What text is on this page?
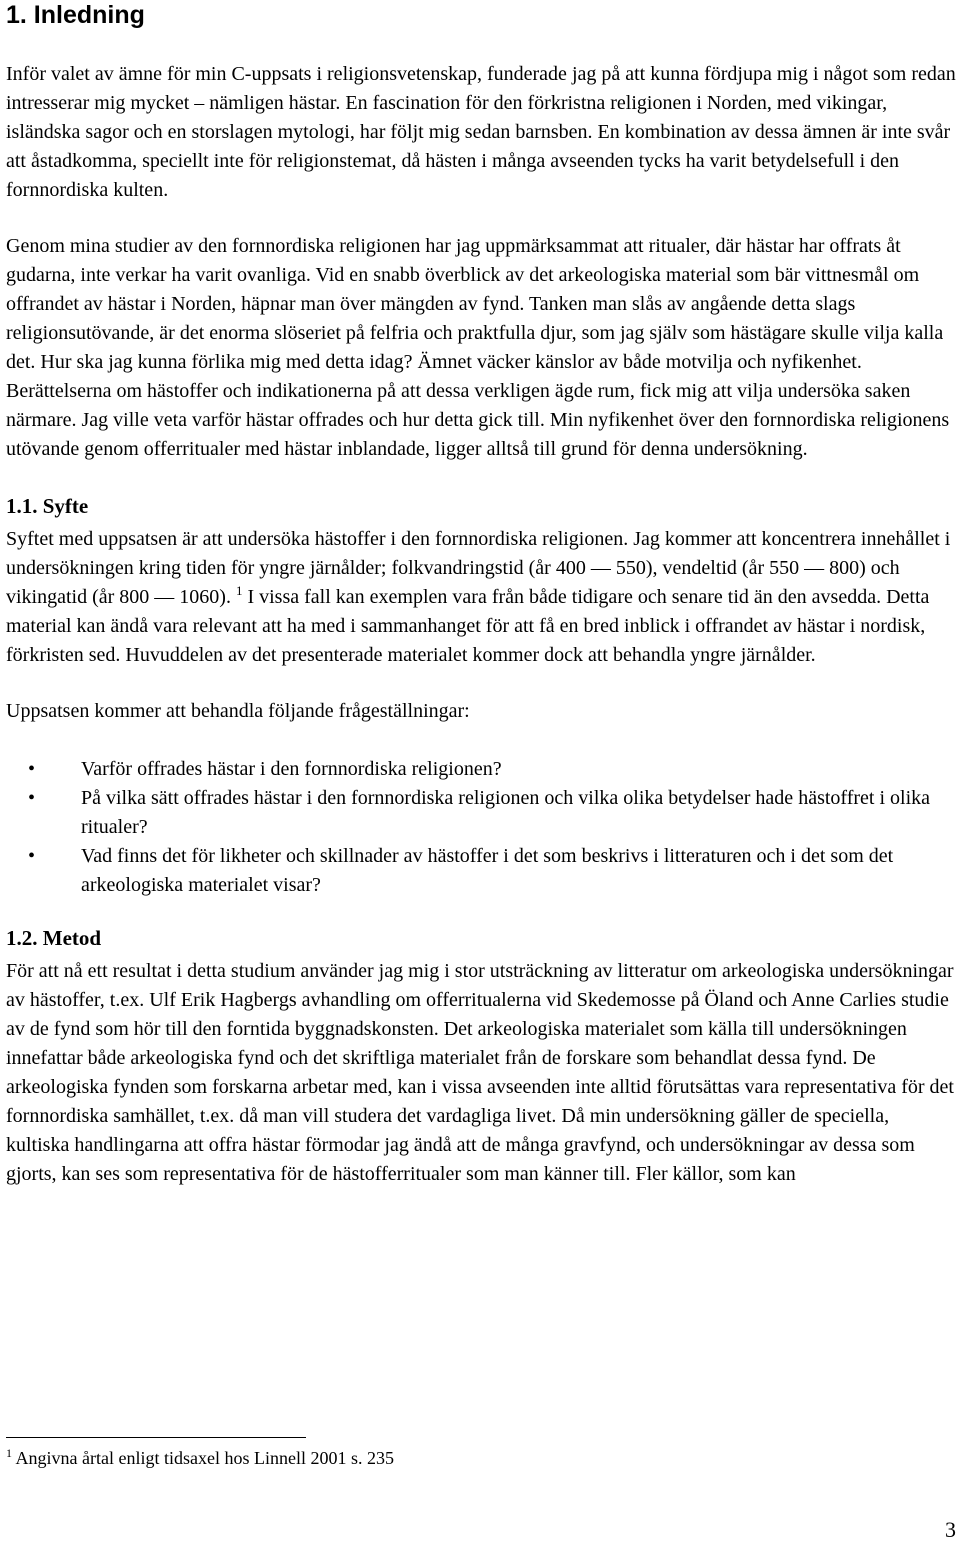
1. Inledning

Inför valet av ämne för min C-uppsats i religionsvetenskap, funderade jag på att kunna fördjupa mig i något som redan intresserar mig mycket – nämligen hästar. En fascination för den förkristna religionen i Norden, med vikingar, isländska sagor och en storslagen mytologi, har följt mig sedan barnsben. En kombination av dessa ämnen är inte svår att åstadkomma, speciellt inte för religionstemat, då hästen i många avseenden tycks ha varit betydelsefull i den fornnordiska kulten.

Genom mina studier av den fornnordiska religionen har jag uppmärksammat att ritualer, där hästar har offrats åt gudarna, inte verkar ha varit ovanliga. Vid en snabb överblick av det arkeologiska material som bär vittnesmål om offrandet av hästar i Norden, häpnar man över mängden av fynd. Tanken man slås av angående detta slags religionsutövande, är det enorma slöseriet på felfria och praktfulla djur, som jag själv som hästägare skulle vilja kalla det. Hur ska jag kunna förlika mig med detta idag? Ämnet väcker känslor av både motvilja och nyfikenhet. Berättelserna om hästoffer och indikationerna på att dessa verkligen ägde rum, fick mig att vilja undersöka saken närmare. Jag ville veta varför hästar offrades och hur detta gick till. Min nyfikenhet över den fornnordiska religionens utövande genom offerritualer med hästar inblandade, ligger alltså till grund för denna undersökning.

1.1. Syfte

Syftet med uppsatsen är att undersöka hästoffer i den fornnordiska religionen. Jag kommer att koncentrera innehållet i undersökningen kring tiden för yngre järnålder; folkvandringstid (år 400 — 550), vendeltid (år 550 — 800) och vikingatid (år 800 — 1060). $^1$ I vissa fall kan exemplen vara från både tidigare och senare tid än den avsedda. Detta material kan ändå vara relevant att ha med i sammanhanget för att få en bred inblick i offrandet av hästar i nordisk, förkristen sed. Huvuddelen av det presenterade materialet kommer dock att behandla yngre järnålder.

Uppsatsen kommer att behandla följande frågeställningar:

• Varför offrades hästar i den fornnordiska religionen?
• På vilka sätt offrades hästar i den fornnordiska religionen och vilka olika betydelser hade hästoffret i olika ritualer?
• Vad finns det för likheter och skillnader av hästoffer i det som beskrivs i litteraturen och i det som det arkeologiska materialet visar?
1.2. Metod

För att nå ett resultat i detta studium använder jag mig i stor utsträckning av litteratur om arkeologiska undersökningar av hästoffer, t.ex. Ulf Erik Hagbergs avhandling om offerritualerna vid Skedemosse på Öland och Anne Carlies studie av de fynd som hör till den forntida byggnadskonsten. Det arkeologiska materialet som källa till undersökningen innefattar både arkeologiska fynd och det skriftliga materialet från de forskare som behandlat dessa fynd. De arkeologiska fynden som forskarna arbetar med, kan i vissa avseenden inte alltid förutsättas vara representativa för det fornnordiska samhället, t.ex. då man vill studera det vardagliga livet. Då min undersökning gäller de speciella, kultiska handlingarna att offra hästar förmodar jag ändå att de många gravfynd, och undersökningar av dessa som gjorts, kan ses som representativa för de hästofferritualer som man känner till. Fler källor, som kan

$^1$ Angivna årtal enligt tidsaxel hos Linnell 2001 s. 235
3
